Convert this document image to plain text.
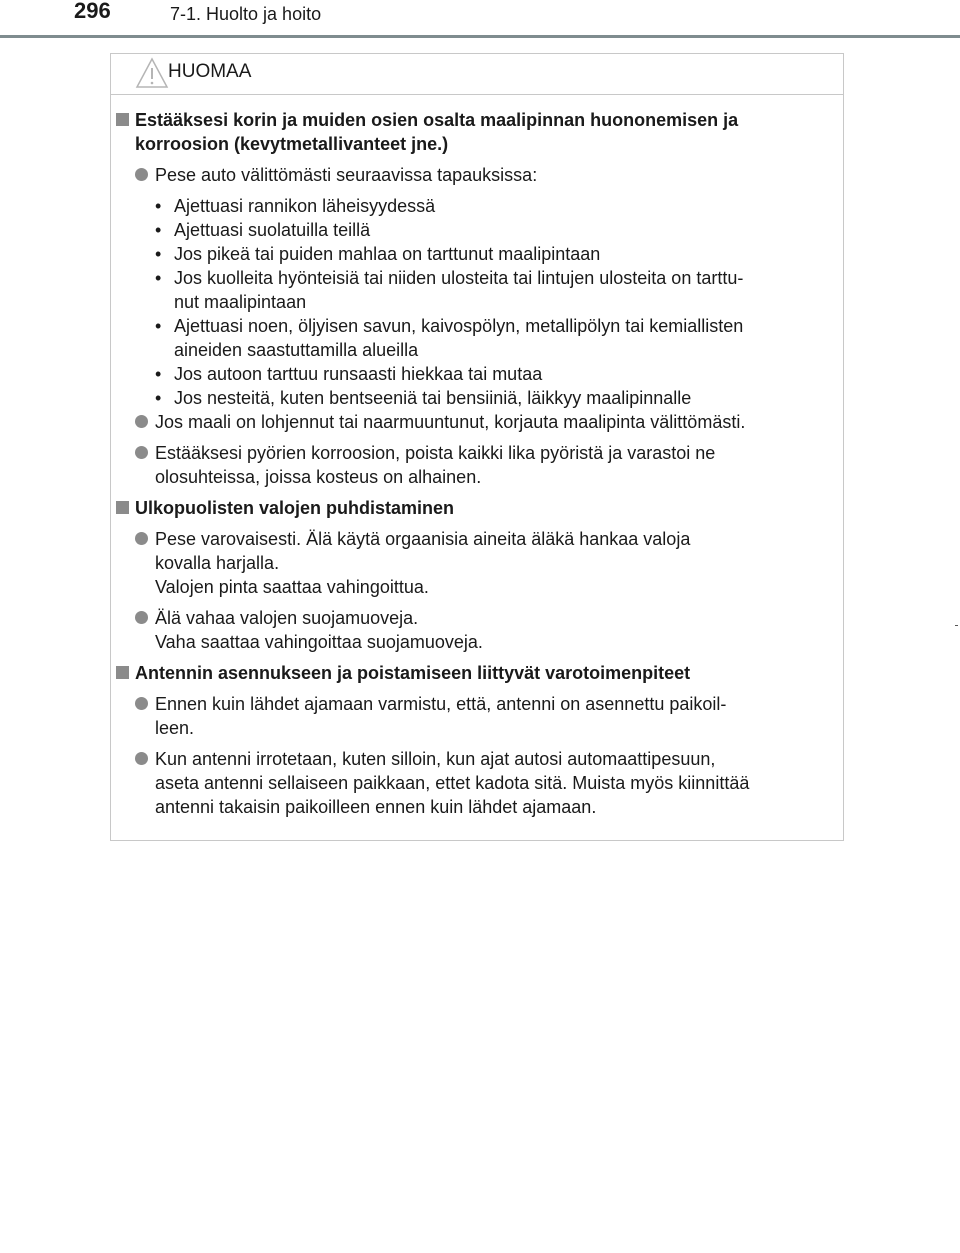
296	7-1. Huolto ja hoito
HUOMAA
Estääksesi korin ja muiden osien osalta maalipinnan huononemisen ja
korroosion (kevytmetallivanteet jne.)
Pese auto välittömästi seuraavissa tapauksissa:
• Ajettuasi rannikon läheisyydessä
• Ajettuasi suolatuilla teillä
• Jos pikeä tai puiden mahlaa on tarttunut maalipintaan
• Jos kuolleita hyönteisiä tai niiden ulosteita tai lintujen ulosteita on tarttu-
nut maalipintaan
• Ajettuasi noen, öljyisen savun, kaivospölyn, metallipölyn tai kemiallisten
aineiden saastuttamilla alueilla
• Jos autoon tarttuu runsaasti hiekkaa tai mutaa
• Jos nesteitä, kuten bentseeniä tai bensiiniä, läikkyy maalipinnalle
Jos maali on lohjennut tai naarmuuntunut, korjauta maalipinta välittömästi.
Estääksesi pyörien korroosion, poista kaikki lika pyöristä ja varastoi ne
olosuhteissa, joissa kosteus on alhainen.
Ulkopuolisten valojen puhdistaminen
Pese varovaisesti. Älä käytä orgaanisia aineita äläkä hankaa valoja
kovalla harjalla.
Valojen pinta saattaa vahingoittua.
Älä vahaa valojen suojamuoveja.
Vaha saattaa vahingoittaa suojamuoveja.
Antennin asennukseen ja poistamiseen liittyvät varotoimenpiteet
Ennen kuin lähdet ajamaan varmistu, että, antenni on asennettu paikoil-
leen.
Kun antenni irrotetaan, kuten silloin, kun ajat autosi automaattipesuun,
aseta antenni sellaiseen paikkaan, ettet kadota sitä. Muista myös kiinnittää
antenni takaisin paikoilleen ennen kuin lähdet ajamaan.
